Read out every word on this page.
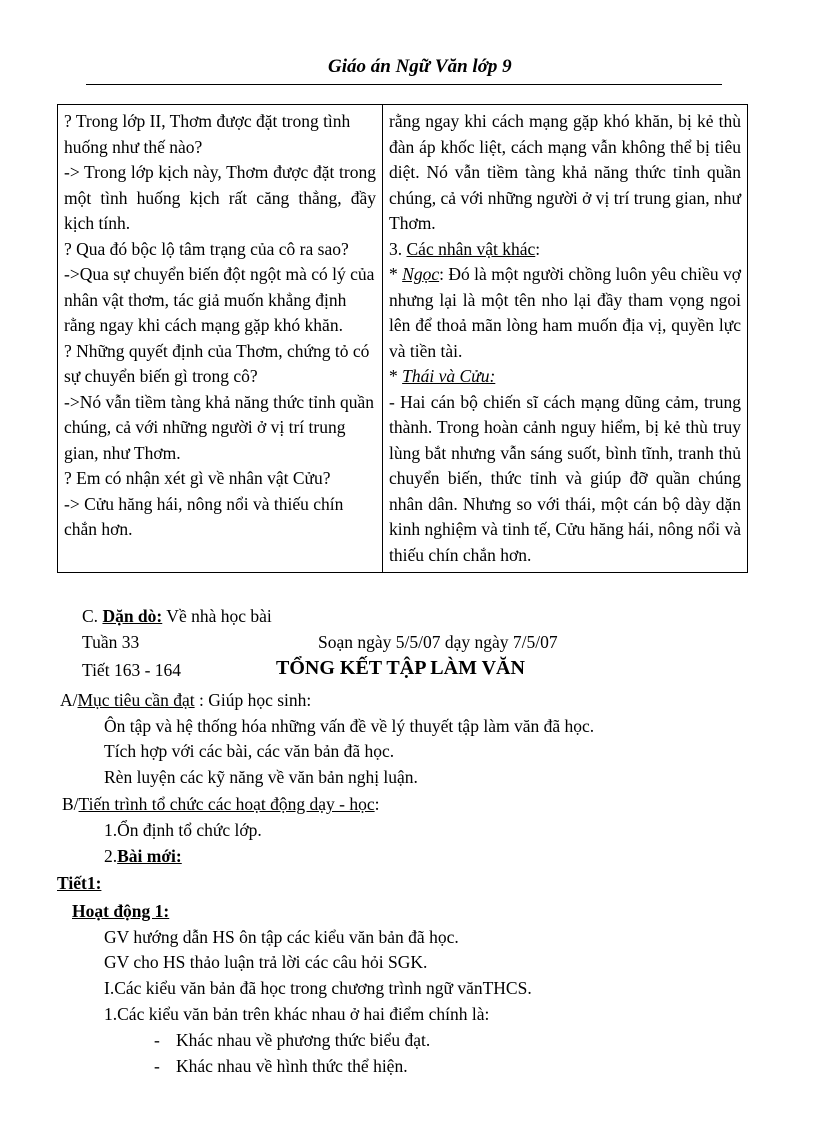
Giáo án Ngữ Văn lớp 9
? Trong lớp II, Thơm được đặt trong tình huống như thế nào?
-> Trong lớp kịch này, Thơm được đặt trong một tình huống kịch rất căng thẳng, đầy kịch tính.
? Qua đó bộc lộ tâm trạng của cô ra sao?
->Qua sự chuyển biến đột ngột mà có lý của nhân vật thơm, tác giả muốn khẳng định rằng ngay khi cách mạng gặp khó khăn.
? Những quyết định của Thơm, chứng tỏ có sự chuyển biến gì trong cô?
->Nó vẫn tiềm tàng khả năng thức tỉnh quần chúng, cả với những người ở vị trí trung gian, như Thơm.
? Em có nhận xét gì về nhân vật Cửu?
-> Cửu hăng hái, nông nổi và thiếu chín chắn hơn.

rằng ngay khi cách mạng gặp khó khăn, bị kẻ thù đàn áp khốc liệt, cách mạng vẫn không thể bị tiêu diệt. Nó vẫn tiềm tàng khả năng thức tỉnh quần chúng, cả với những người ở vị trí trung gian, như Thơm.
3. Các nhân vật khác:
* Ngọc: Đó là một người chồng luôn yêu chiều vợ nhưng lại là một tên nho lại đầy tham vọng ngoi lên để thoả mãn lòng ham muốn địa vị, quyền lực và tiền tài.
* Thái và Cửu:
- Hai cán bộ chiến sĩ cách mạng dũng cảm, trung thành. Trong hoàn cảnh nguy hiểm, bị kẻ thù truy lùng bắt nhưng vẫn sáng suốt, bình tĩnh, tranh thủ chuyển biến, thức tỉnh và giúp đỡ quần chúng nhân dân. Nhưng so với thái, một cán bộ dày dặn kinh nghiệm và tinh tế, Cửu hăng hái, nông nổi và thiếu chín chắn hơn.
C. Dặn dò: Về nhà học bài
Tuần 33	Soạn ngày 5/5/07 dạy ngày 7/5/07
Tiết 163 - 164	TỔNG KẾT TẬP LÀM VĂN
A/Mục tiêu cần đạt : Giúp học sinh:
Ôn tập và hệ thống hóa những vấn đề về lý thuyết tập làm văn đã học.
Tích hợp với các bài, các văn bản đã học.
Rèn luyện các kỹ năng về văn bản nghị luận.
B/Tiến trình tổ chức các hoạt động dạy - học:
1.Ổn định tổ chức lớp.
2.Bài mới:
Tiết1:
Hoạt động 1:
GV hướng dẫn HS ôn tập các kiểu văn bản đã học.
GV cho HS thảo luận trả lời các câu hỏi SGK.
I.Các kiểu văn bản đã học trong chương trình ngữ vănTHCS.
1.Các kiểu văn bản trên khác nhau ở hai điểm chính là:
- Khác nhau về phương thức biểu đạt.
- Khác nhau về hình thức thể hiện.
